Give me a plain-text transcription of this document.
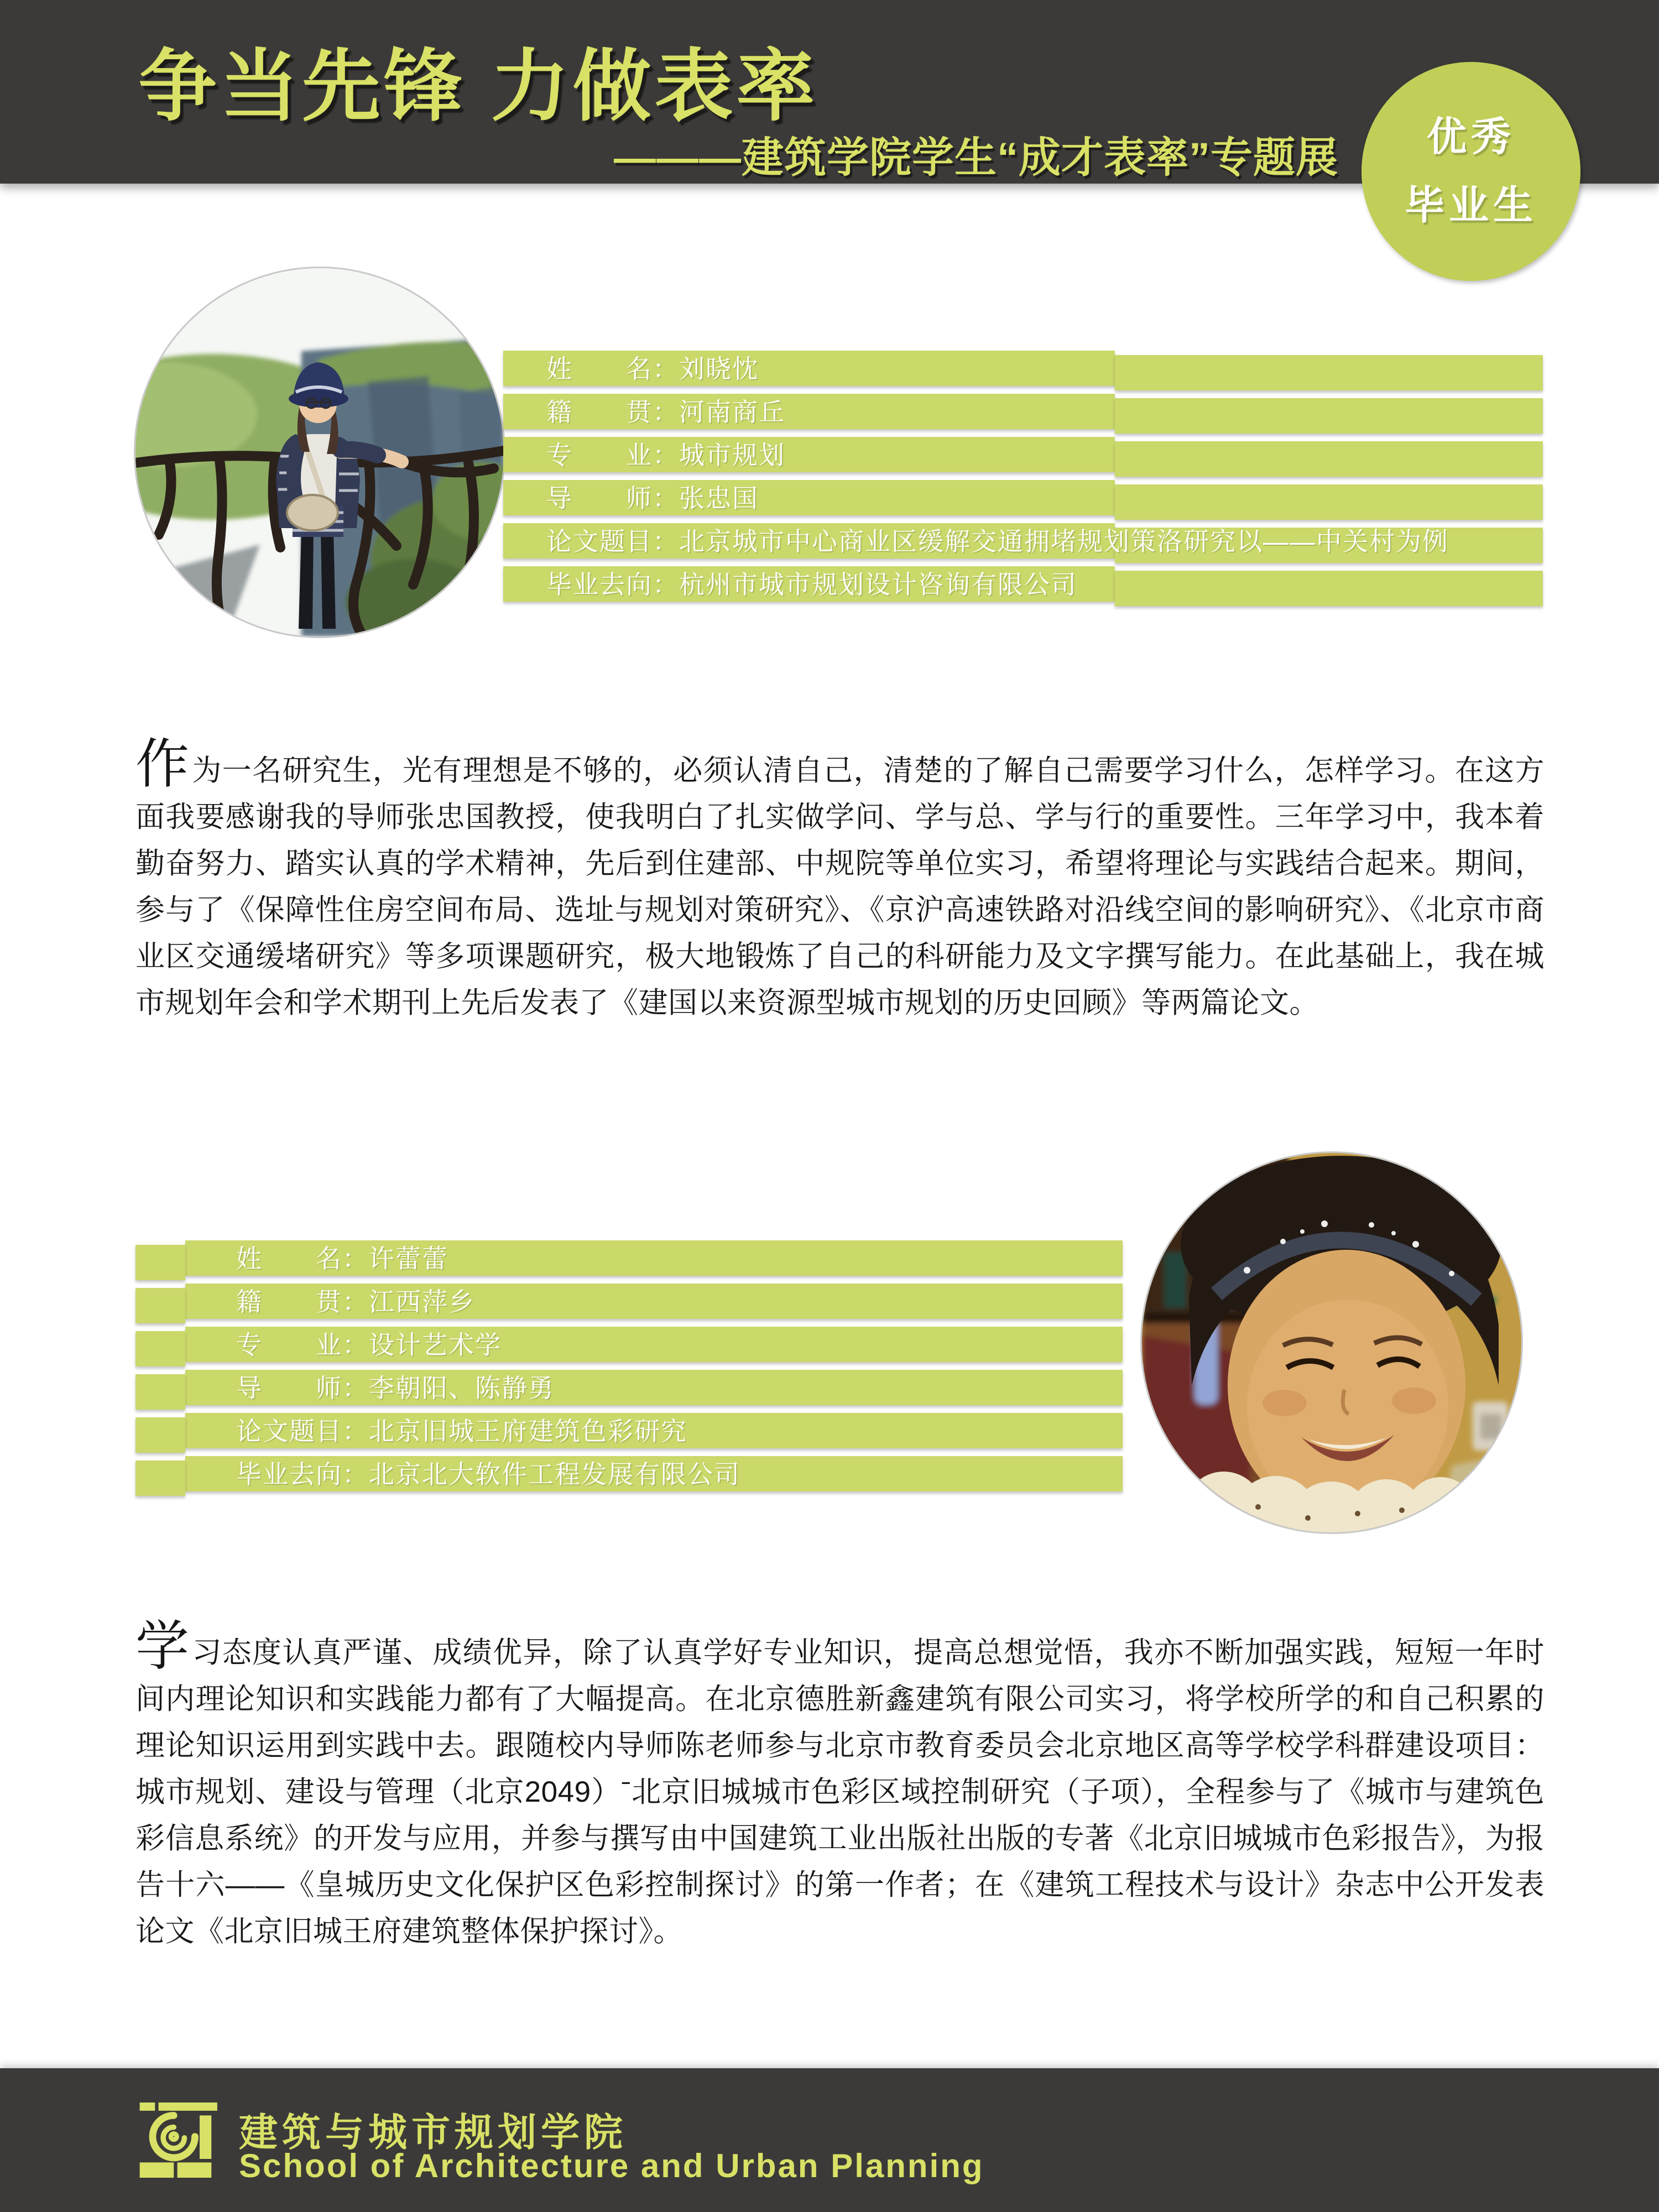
争当先锋 力做表率
———建筑学院学生“成才表率”专题展 优秀
毕业生
姓　　名：刘晓忱
籍　　贯：河南商丘
专　　业：城市规划
导　　师：张忠国
论文题目：北京城市中心商业区缓解交通拥堵规划策洛研究以——中关村为例
毕业去向：杭州市城市规划设计咨询有限公司
作为一名研究生，光有理想是不够的，必须认清自己，清楚的了解自己需要学习什么，怎样学习。在这方面我要感谢我的导师张忠国教授，使我明白了扎实做学问、学与总、学与行的重要性。三年学习中，我本着勤奋努力、踏实认真的学术精神，先后到住建部、中规院等单位实习，希望将理论与实践结合起来。期间，参与了《保障性住房空间布局、选址与规划对策研究》、《京沪高速铁路对沿线空间的影响研究》、《北京市商业区交通缓堵研究》等多项课题研究，极大地锻炼了自己的科研能力及文字撰写能力。在此基础上，我在城市规划年会和学术期刊上先后发表了《建国以来资源型城市规划的历史回顾》等两篇论文。
姓　　名：许蕾蕾
籍　　贯：江西萍乡
专　　业：设计艺术学
导　　师：李朝阳、陈静勇
论文题目：北京旧城王府建筑色彩研究
毕业去向：北京北大软件工程发展有限公司
学习态度认真严谨、成绩优异，除了认真学好专业知识，提高总想觉悟，我亦不断加强实践，短短一年时间内理论知识和实践能力都有了大幅提高。在北京德胜新鑫建筑有限公司实习，将学校所学的和自己积累的理论知识运用到实践中去。跟随校内导师陈老师参与北京市教育委员会北京地区高等学校学科群建设项目：城市规划、建设与管理（北京2049）ˉ北京旧城城市色彩区域控制研究（子项），全程参与了《城市与建筑色彩信息系统》的开发与应用，并参与撰写由中国建筑工业出版社出版的专著《北京旧城城市色彩报告》，为报告十六——《皇城历史文化保护区色彩控制探讨》的第一作者；在《建筑工程技术与设计》杂志中公开发表论文《北京旧城王府建筑整体保护探讨》。
建筑与城市规划学院
School of Architecture and Urban Planning
